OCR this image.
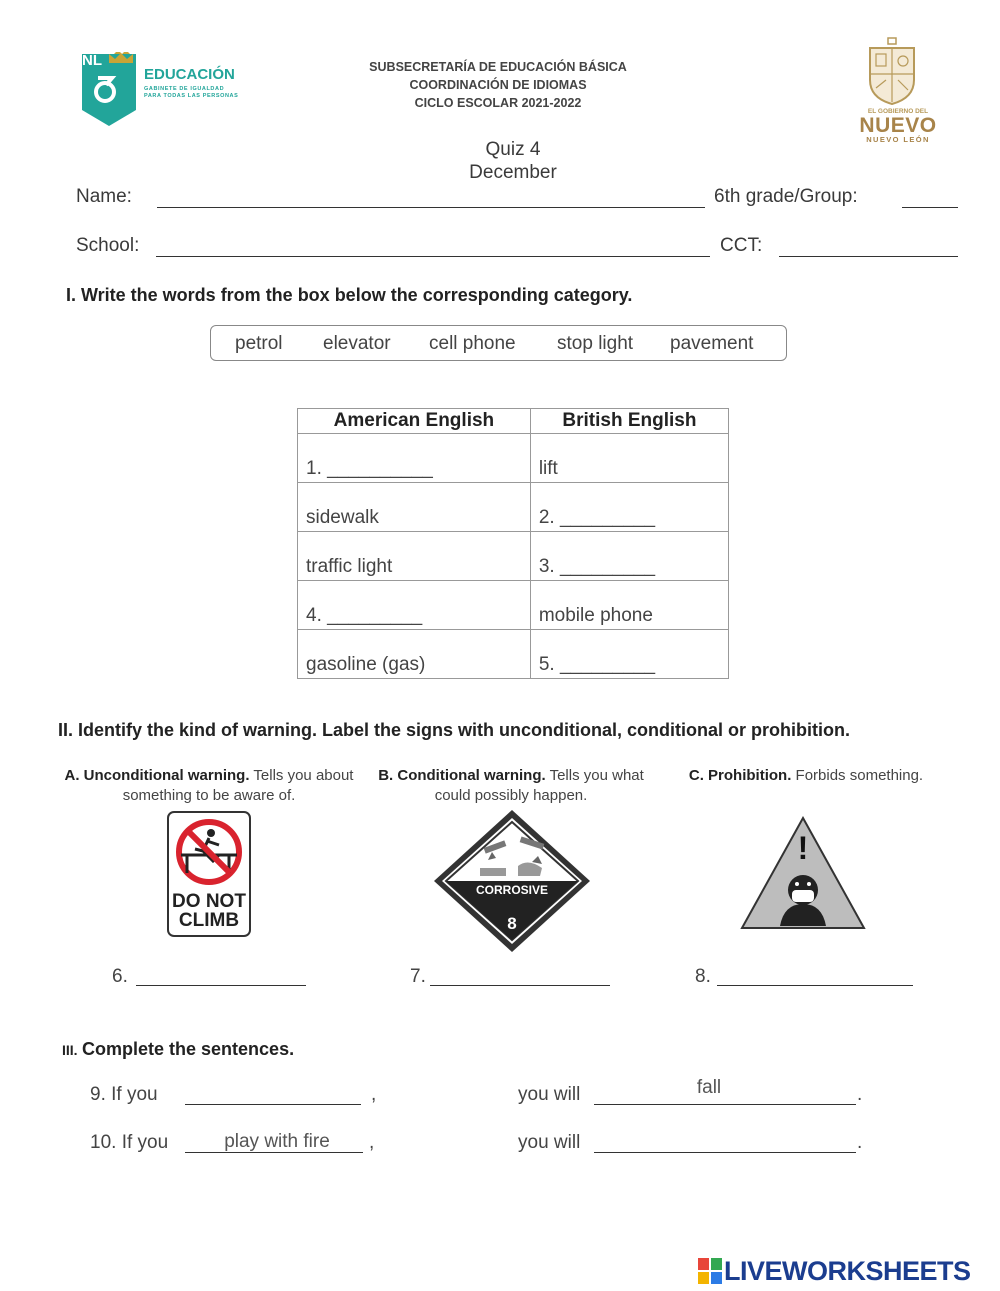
NL
EDUCACIÓN
GABINETE DE IGUALDAD
PARA TODAS LAS PERSONAS
SUBSECRETARÍA DE EDUCACIÓN BÁSICA
COORDINACIÓN DE IDIOMAS
CICLO ESCOLAR 2021-2022
EL GOBIERNO DEL
NUEVO
NUEVO LEÓN
Quiz 4
December
Name:	6th grade/Group:
School:	CCT:
I. Write the words from the box below the corresponding category.
petrol elevator cell phone stop light pavement
American English	British English
1. __________	lift
sidewalk	2. _________
traffic light	3. _________
4. _________	mobile phone
gasoline (gas)	5. _________
II. Identify the kind of warning. Label the signs with unconditional, conditional or prohibition.
A. Unconditional warning. Tells you about something to be aware of.
B. Conditional warning. Tells you what could possibly happen.
C. Prohibition. Forbids something.
DO NOT
CLIMB
CORROSIVE
8
!
6.	7.	8.
III. Complete the sentences.
9. If you	,	you will	fall	.
10. If you	play with fire	,	you will	.
LIVEWORKSHEETS
